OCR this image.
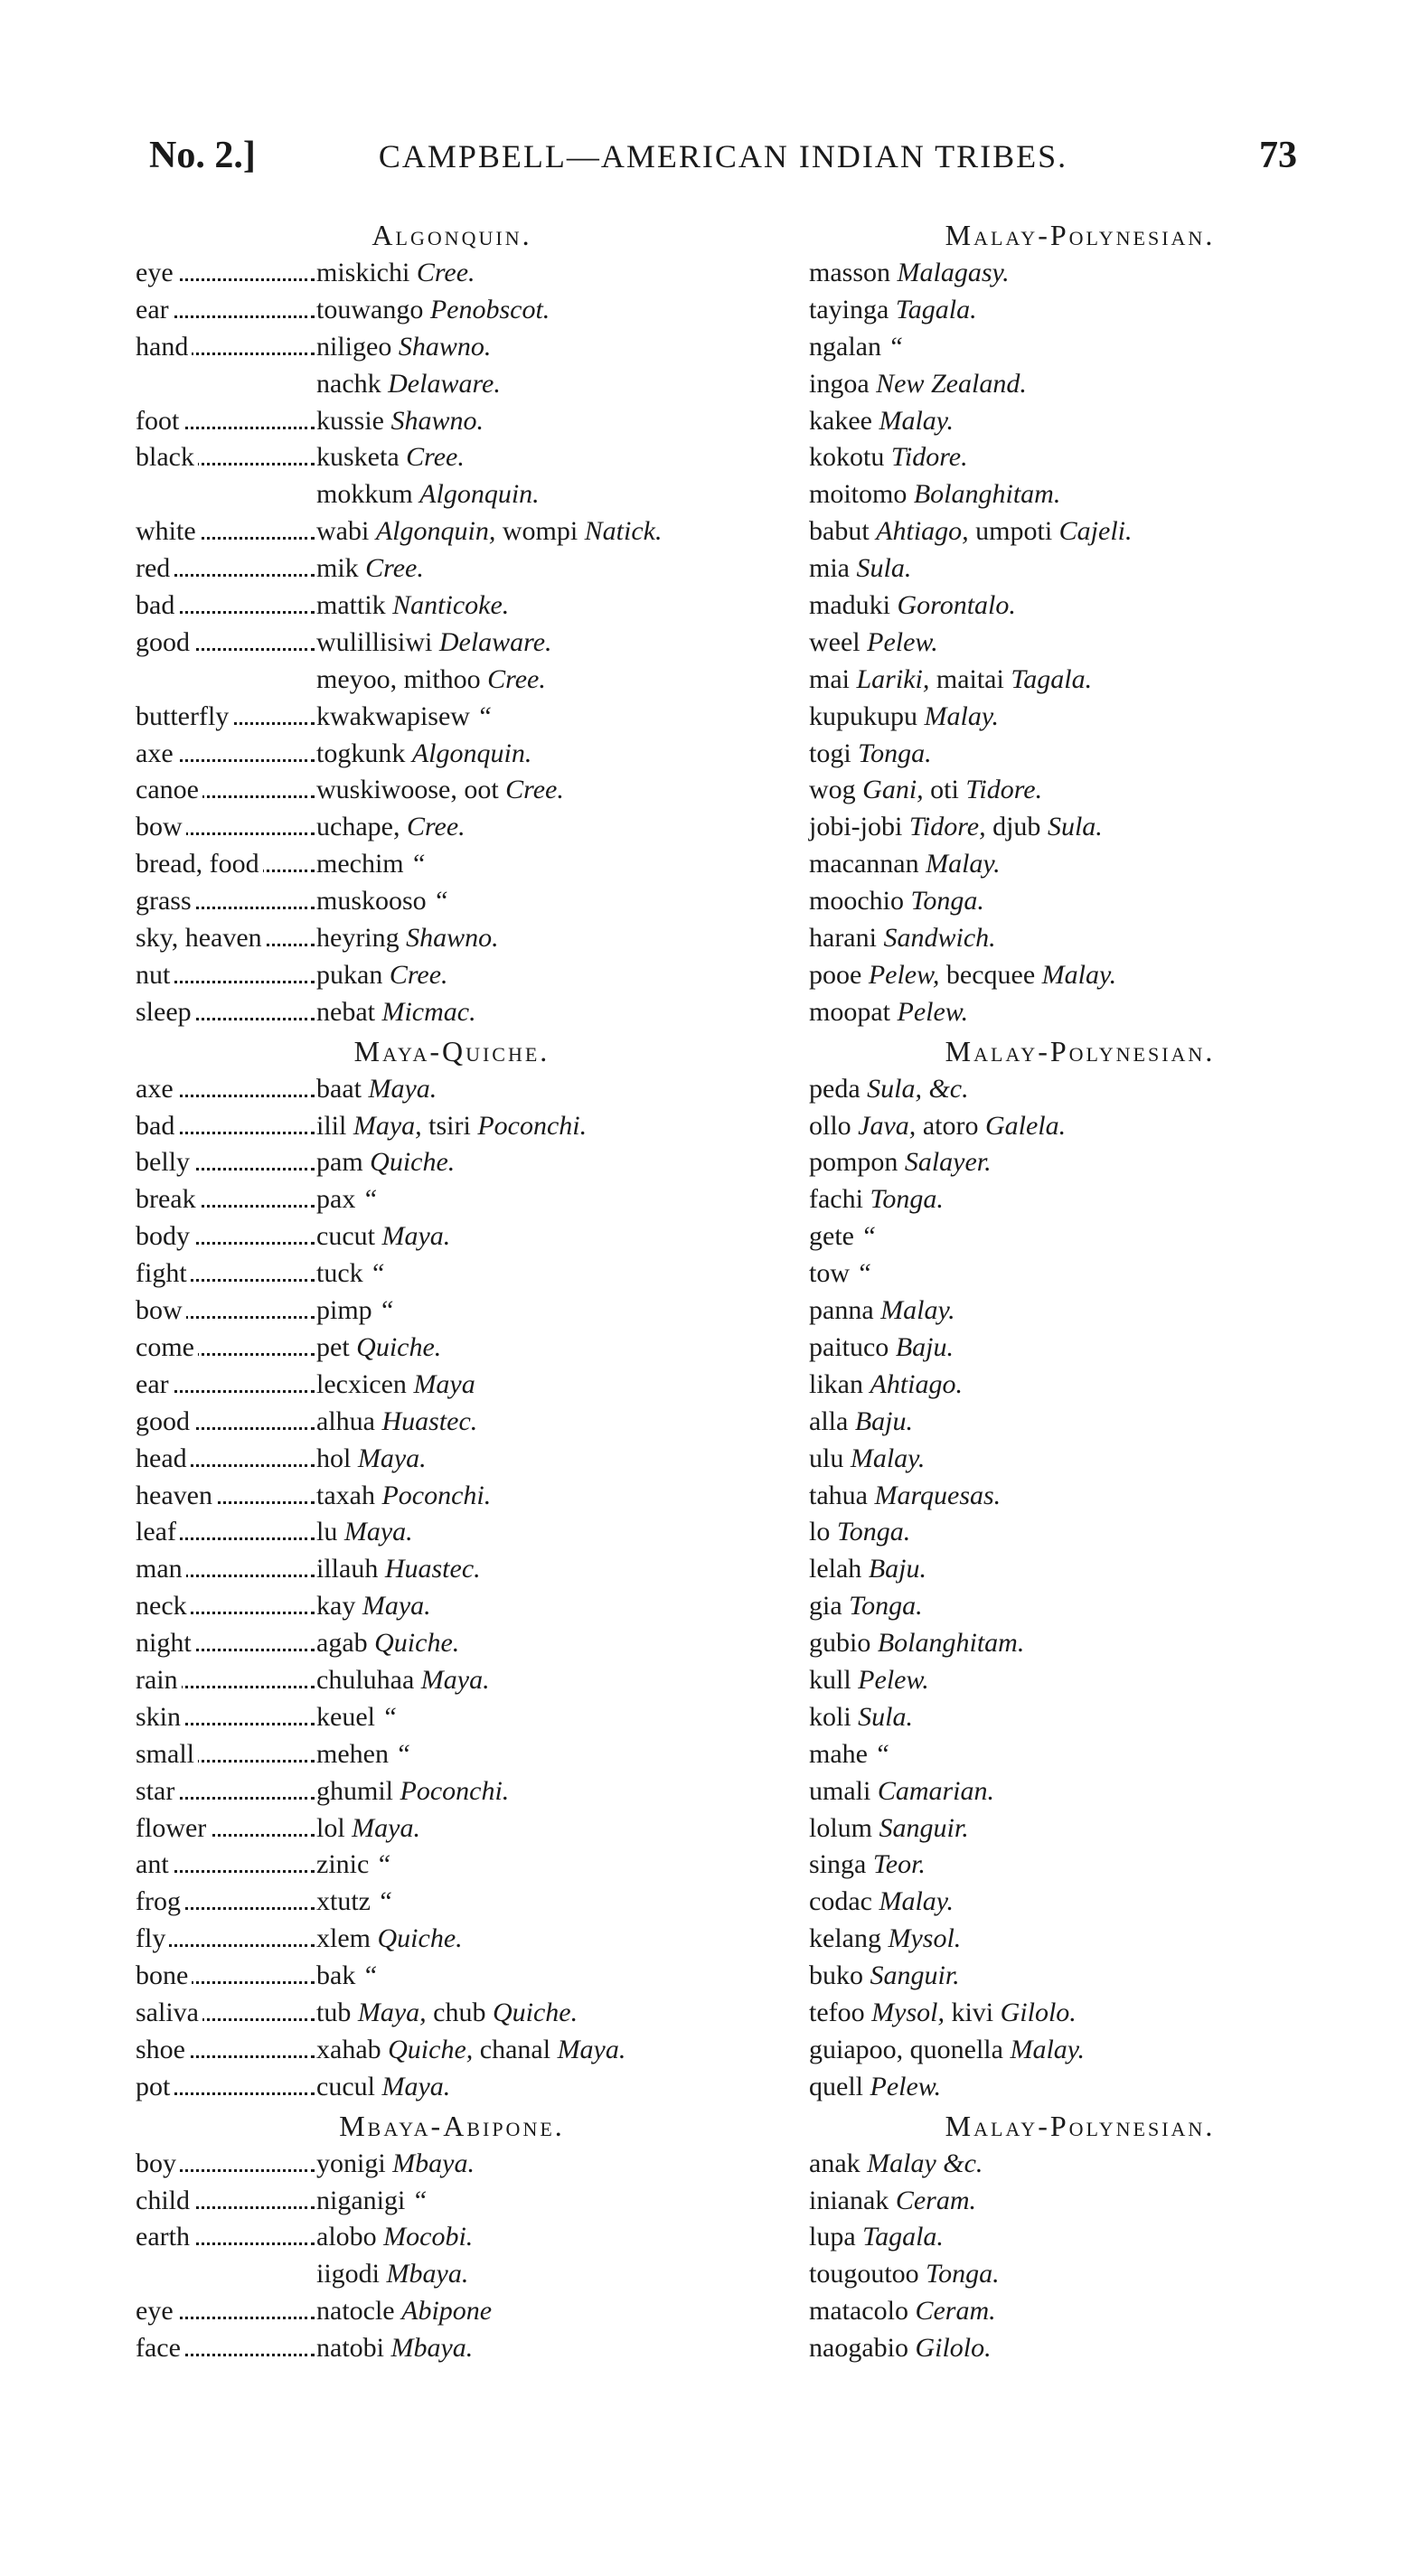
No. 2.]	CAMPBELL—AMERICAN INDIAN TRIBES.	73
Algonquin.
eye	miskichi Cree.
ear	touwango Penobscot.
hand	niligeo Shawno.
nachk Delaware.
foot	kussie Shawno.
black	kusketa Cree.
mokkum Algonquin.
white	wabi Algonquin, wompi Natick.
red	mik Cree.
bad	mattik Nanticoke.
good	wulillisiwi Delaware.
meyoo, mithoo Cree.
butterfly	kwakwapisew “
axe	togkunk Algonquin.
canoe	wuskiwoose, oot Cree.
bow	uchape, Cree.
bread, food	mechim “
grass	muskooso “
sky, heaven	heyring Shawno.
nut	pukan Cree.
sleep	nebat Micmac.
Maya-Quiche.
axe	baat Maya.
bad	ilil Maya, tsiri Poconchi.
belly	pam Quiche.
break	pax “
body	cucut Maya.
fight	tuck “
bow	pimp “
come	pet Quiche.
ear	lecxicen Maya
good	alhua Huastec.
head	hol Maya.
heaven	taxah Poconchi.
leaf	lu Maya.
man	illauh Huastec.
neck	kay Maya.
night	agab Quiche.
rain	chuluhaa Maya.
skin	keuel “
small	mehen “
star	ghumil Poconchi.
flower	lol Maya.
ant	zinic “
frog	xtutz “
fly	xlem Quiche.
bone	bak “
saliva	tub Maya, chub Quiche.
shoe	xahab Quiche, chanal Maya.
pot	cucul Maya.
Mbaya-Abipone.
boy	yonigi Mbaya.
child	niganigi “
earth	alobo Mocobi.
iigodi Mbaya.
eye	natocle Abipone
face	natobi Mbaya.
Malay-Polynesian.
masson Malagasy.
tayinga Tagala.
ngalan “
ingoa New Zealand.
kakee Malay.
kokotu Tidore.
moitomo Bolanghitam.
babut Ahtiago, umpoti Cajeli.
mia Sula.
maduki Gorontalo.
weel Pelew.
mai Lariki, maitai Tagala.
kupukupu Malay.
togi Tonga.
wog Gani, oti Tidore.
jobi-jobi Tidore, djub Sula.
macannan Malay.
moochio Tonga.
harani Sandwich.
pooe Pelew, becquee Malay.
moopat Pelew.
Malay-Polynesian.
peda Sula, &c.
ollo Java, atoro Galela.
pompon Salayer.
fachi Tonga.
gete “
tow “
panna Malay.
paituco Baju.
likan Ahtiago.
alla Baju.
ulu Malay.
tahua Marquesas.
lo Tonga.
lelah Baju.
gia Tonga.
gubio Bolanghitam.
kull Pelew.
koli Sula.
mahe “
umali Camarian.
lolum Sanguir.
singa Teor.
codac Malay.
kelang Mysol.
buko Sanguir.
tefoo Mysol, kivi Gilolo.
guiapoo, quonella Malay.
quell Pelew.
Malay-Polynesian.
anak Malay &c.
inianak Ceram.
lupa Tagala.
tougoutoo Tonga.
matacolo Ceram.
naogabio Gilolo.
